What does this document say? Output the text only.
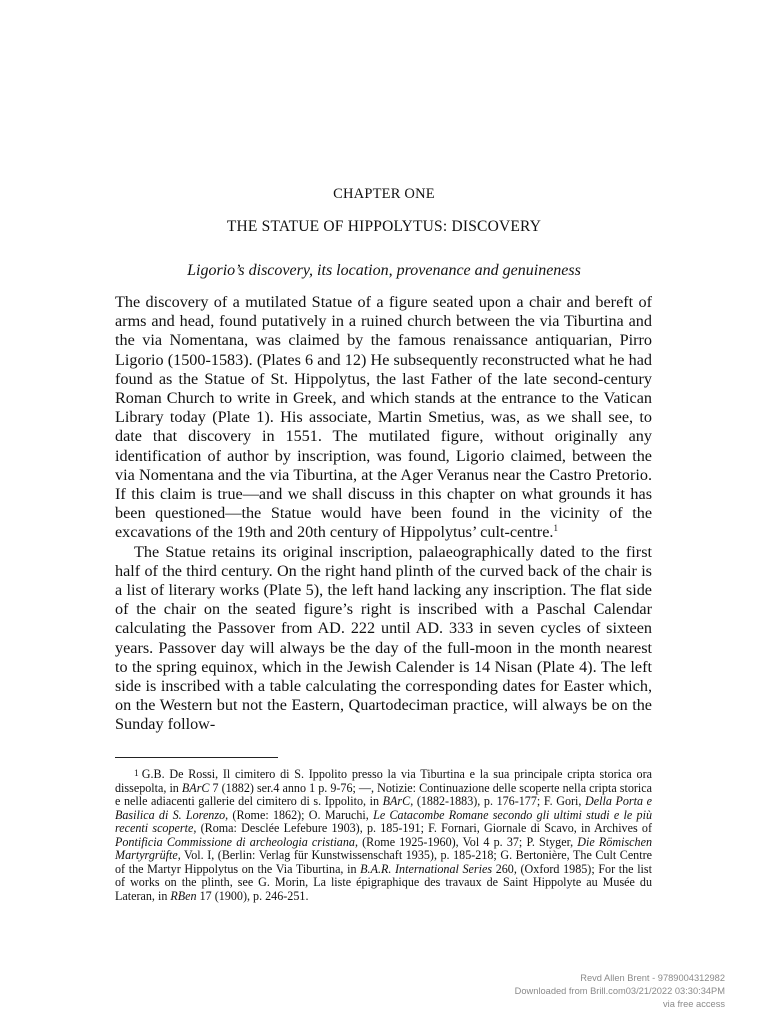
CHAPTER ONE
THE STATUE OF HIPPOLYTUS: DISCOVERY
Ligorio’s discovery, its location, provenance and genuineness

The discovery of a mutilated Statue of a figure seated upon a chair and bereft of arms and head, found putatively in a ruined church between the via Tiburtina and the via Nomentana, was claimed by the famous renaissance antiquarian, Pirro Ligorio (1500-1583). (Plates 6 and 12) He subsequently reconstructed what he had found as the Statue of St. Hippolytus, the last Father of the late second-century Roman Church to write in Greek, and which stands at the entrance to the Vatican Library today (Plate 1). His associate, Martin Smetius, was, as we shall see, to date that discovery in 1551. The mutilated figure, without originally any identification of author by inscription, was found, Ligorio claimed, between the via Nomentana and the via Tiburtina, at the Ager Veranus near the Castro Pretorio. If this claim is true—and we shall discuss in this chapter on what grounds it has been questioned—the Statue would have been found in the vicinity of the excavations of the 19th and 20th century of Hippolytus’ cult-centre.$^1$

The Statue retains its original inscription, palaeographically dated to the first half of the third century. On the right hand plinth of the curved back of the chair is a list of literary works (Plate 5), the left hand lacking any inscription. The flat side of the chair on the seated figure’s right is inscribed with a Paschal Calendar calculating the Passover from AD. 222 until AD. 333 in seven cycles of sixteen years. Passover day will always be the day of the full-moon in the month nearest to the spring equinox, which in the Jewish Calender is 14 Nisan (Plate 4). The left side is inscribed with a table calculating the corresponding dates for Easter which, on the Western but not the Eastern, Quartodeciman practice, will always be on the Sunday follow-

1 G.B. De Rossi, Il cimitero di S. Ippolito presso la via Tiburtina e la sua principale cripta storica ora dissepolta, in BArC 7 (1882) ser.4 anno 1 p. 9-76; —, Notizie: Continuazione delle scoperte nella cripta storica e nelle adiacenti gallerie del cimitero di s. Ippolito, in BArC, (1882-1883), p. 176-177; F. Gori, Della Porta e Basilica di S. Lorenzo, (Rome: 1862); O. Maruchi, Le Catacombe Romane secondo gli ultimi studi e le più recenti scoperte, (Roma: Desclée Lefebure 1903), p. 185-191; F. Fornari, Giornale di Scavo, in Archives of Pontificia Commissione di archeologia cristiana, (Rome 1925-1960), Vol 4 p. 37; P. Styger, Die Römischen Martyrgrüfte, Vol. I, (Berlin: Verlag für Kunstwissenschaft 1935), p. 185-218; G. Bertonière, The Cult Centre of the Martyr Hippolytus on the Via Tiburtina, in B.A.R. International Series 260, (Oxford 1985); For the list of works on the plinth, see G. Morin, La liste épigraphique des travaux de Saint Hippolyte au Musée du Lateran, in RBen 17 (1900), p. 246-251.

Revd Allen Brent - 9789004312982
Downloaded from Brill.com03/21/2022 03:30:34PM
via free access
